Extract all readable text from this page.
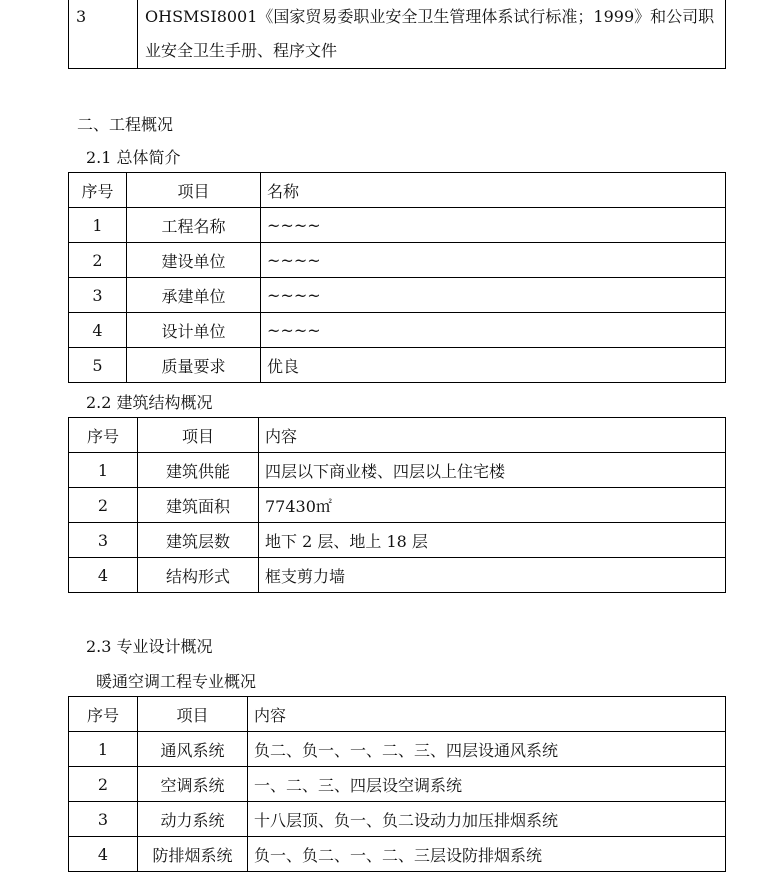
3	OHSMSI8001《国家贸易委职业安全卫生管理体系试行标准；1999》和公司职业安全卫生手册、程序文件
二、工程概况
2.1 总体简介
序号	项目	名称
1	工程名称	~~~~
2	建设单位	~~~~
3	承建单位	~~~~
4	设计单位	~~~~
5	质量要求	优良
2.2 建筑结构概况
序号	项目	内容
1	建筑供能	四层以下商业楼、四层以上住宅楼
2	建筑面积	77430㎡
3	建筑层数	地下 2 层、地上 18 层
4	结构形式	框支剪力墙
2.3 专业设计概况
暖通空调工程专业概况
序号	项目	内容
1	通风系统	负二、负一、一、二、三、四层设通风系统
2	空调系统	一、二、三、四层设空调系统
3	动力系统	十八层顶、负一、负二设动力加压排烟系统
4	防排烟系统	负一、负二、一、二、三层设防排烟系统
